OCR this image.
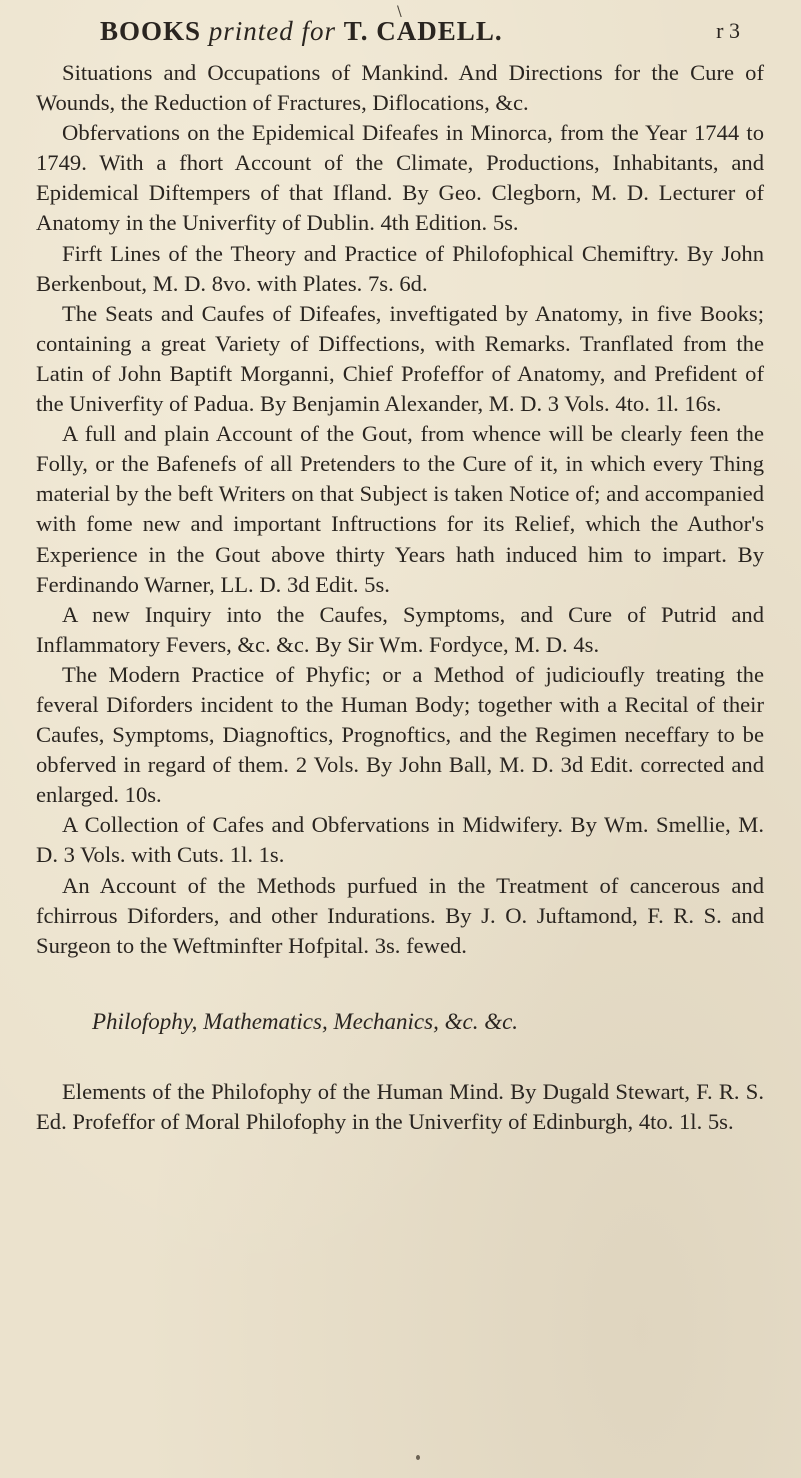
\
BOOKS printed for T. CADELL.	r 3

Situations and Occupations of Mankind. And Directions for the Cure of Wounds, the Reduction of Fractures, Diflocations, &c.

Obfervations on the Epidemical Difeafes in Minorca, from the Year 1744 to 1749. With a fhort Account of the Climate, Productions, Inhabitants, and Epidemical Diftempers of that Ifland. By Geo. Clegborn, M. D. Lecturer of Anatomy in the Univerfity of Dublin. 4th Edition. 5s.

Firft Lines of the Theory and Practice of Philofophical Chemiftry. By John Berkenbout, M. D. 8vo. with Plates. 7s. 6d.

The Seats and Caufes of Difeafes, inveftigated by Anatomy, in five Books; containing a great Variety of Diffections, with Remarks. Tranflated from the Latin of John Baptift Morganni, Chief Profeffor of Anatomy, and Prefident of the Univerfity of Padua. By Benjamin Alexander, M. D. 3 Vols. 4to. 1l. 16s.

A full and plain Account of the Gout, from whence will be clearly feen the Folly, or the Bafenefs of all Pretenders to the Cure of it, in which every Thing material by the beft Writers on that Subject is taken Notice of; and accompanied with fome new and important Inftructions for its Relief, which the Author's Experience in the Gout above thirty Years hath induced him to impart. By Ferdinando Warner, LL. D. 3d Edit. 5s.

A new Inquiry into the Caufes, Symptoms, and Cure of Putrid and Inflammatory Fevers, &c. &c. By Sir Wm. Fordyce, M. D. 4s.

The Modern Practice of Phyfic; or a Method of judicioufly treating the feveral Diforders incident to the Human Body; together with a Recital of their Caufes, Symptoms, Diagnoftics, Prognoftics, and the Regimen neceffary to be obferved in regard of them. 2 Vols. By John Ball, M. D. 3d Edit. corrected and enlarged. 10s.

A Collection of Cafes and Obfervations in Midwifery. By Wm. Smellie, M. D. 3 Vols. with Cuts. 1l. 1s.

An Account of the Methods purfued in the Treatment of cancerous and fchirrous Diforders, and other Indurations. By J. O. Juftamond, F. R. S. and Surgeon to the Weftminfter Hofpital. 3s. fewed.

Philofophy, Mathematics, Mechanics, &c. &c.

Elements of the Philofophy of the Human Mind. By Dugald Stewart, F. R. S. Ed. Profeffor of Moral Philofophy in the Univerfity of Edinburgh, 4to. 1l. 5s.
